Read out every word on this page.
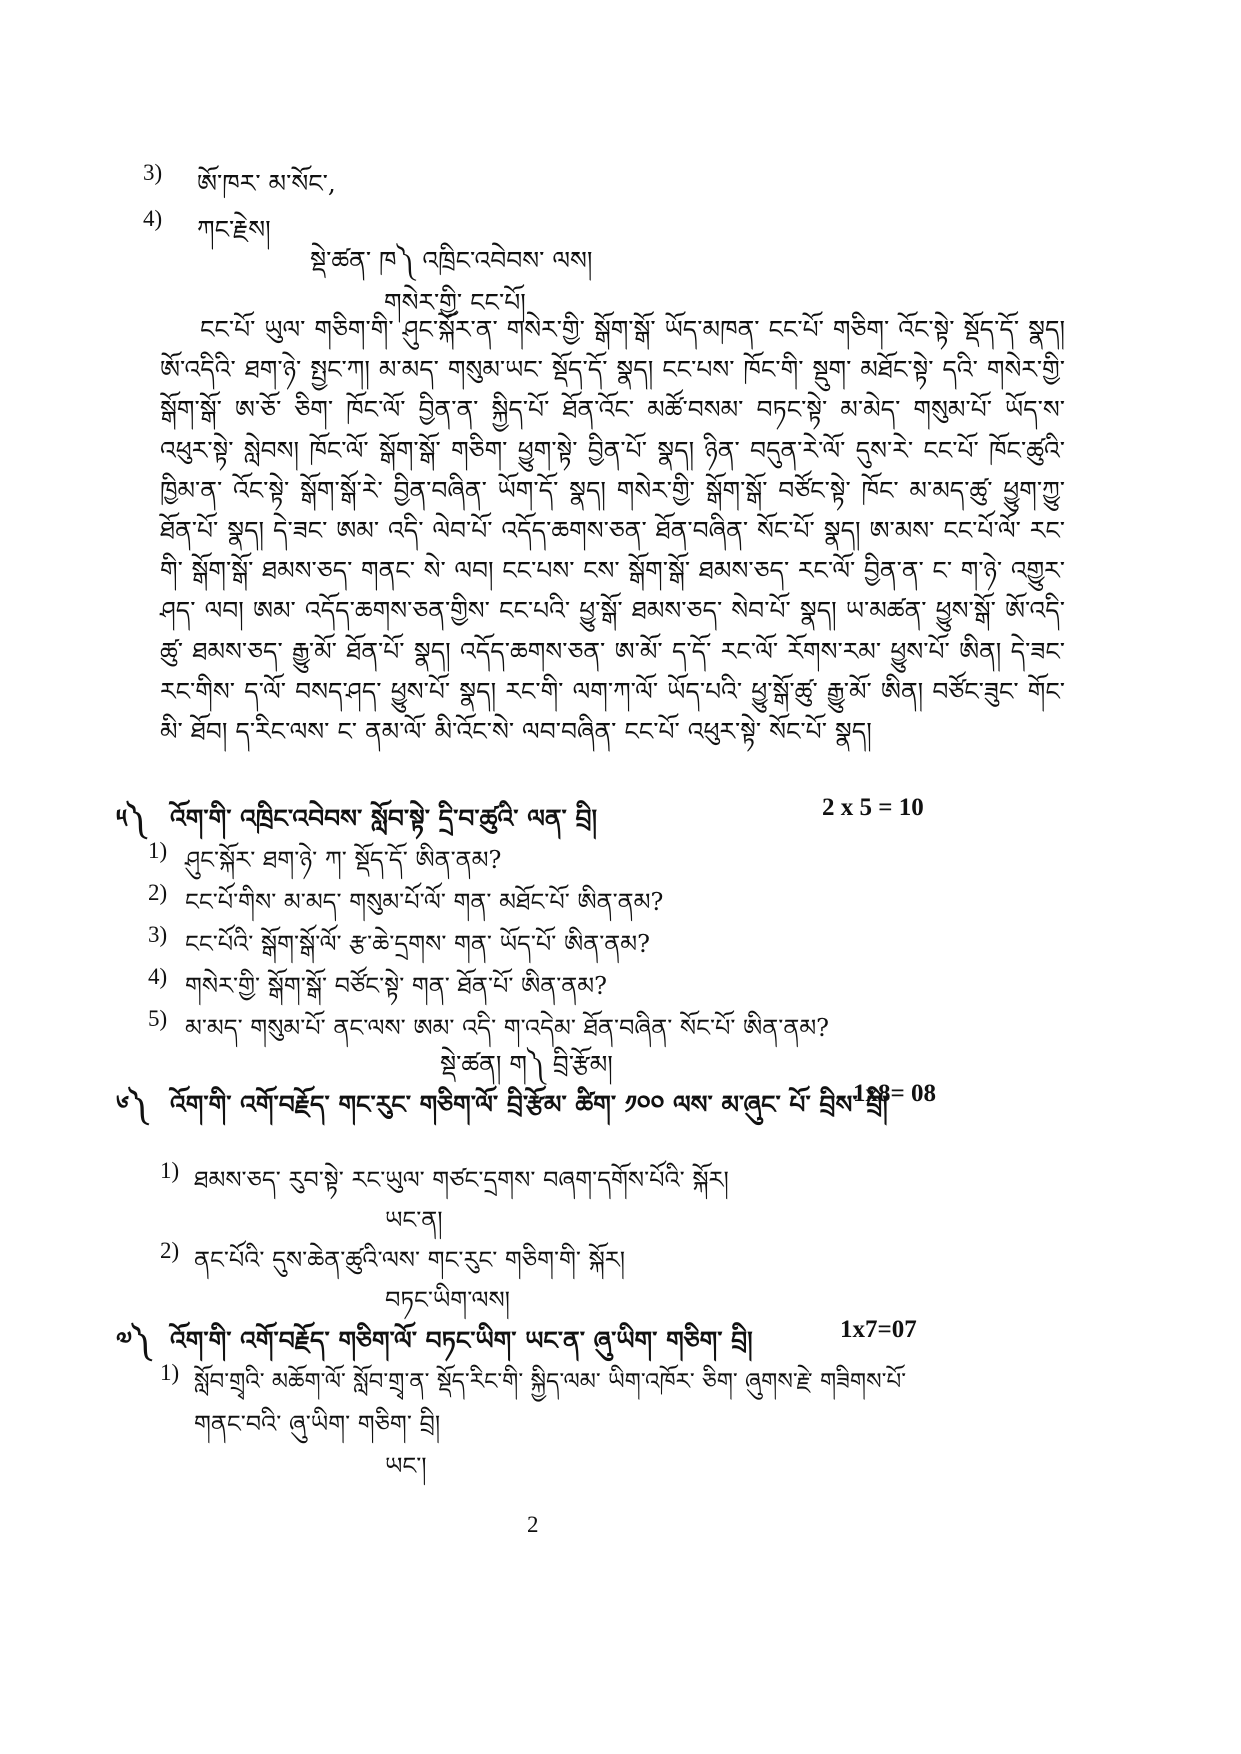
3) ཨོ་ཁར་ མ་སོང་,
4) ཀང་རྗེས།
སྡེ་ཚན་ ཁ༽ འཁྲིང་འབེབས་ ལས།
གསེར་གྱི་ ངང་པོ།
ངང་པོ་ ཡུལ་ གཅིག་གི་ ཤུང་སྐོར་ན་ གསེར་གྱི་ སྒོག་སྒོ་ ཡོད་མཁན་ ངང་པོ་ གཅིག་ འོང་སྟེ་ སྡོད་དོ་ སྣད། ཨོ་འདིའི་ ཐག་ཉེ་ སྤྱང་ཀ། མ་མད་ གསུམ་ཡང་ སྡོད་དོ་ སྣད། ངང་པས་ ཁོང་གི་ སྡུག་ མཐོང་སྟེ་ དའི་ གསེར་གྱི་ སྒོག་སྒོ་ ཨ་ཅོ་ ཅིག་ ཁོང་ལོ་ བྱིན་ན་ སྐྱིད་པོ་ ཐོན་འོང་ མཚོ་བསམ་ བཏང་སྟེ་ མ་མེད་ གསུམ་པོ་ ཡོད་ས་ འཕུར་སྟེ་ སླེབས། ཁོང་ལོ་ སྒོག་སྒོ་ གཅིག་ ཕྱུག་སྟེ་ བྱིན་པོ་ སྣད། ཉིན་ བདུན་རེ་ལོ་ དུས་རེ་ ངང་པོ་ ཁོང་ཚུའི་ ཁྱིམ་ན་ འོང་སྟེ་ སྒོག་སྒོ་རེ་ བྱིན་བཞིན་ ཡོག་དོ་ སྣད། གསེར་གྱི་ སྒོག་སྒོ་ བཙོང་སྟེ་ ཁོང་ མ་མད་ཚུ་ ཕྱུག་ཀྱུ་ ཐོན་པོ་ སྣད། དེ་ཟང་ ཨམ་ འདི་ ལེབ་པོ་ འདོད་ཆགས་ཅན་ ཐོན་བཞིན་ སོང་པོ་ སྣད། ཨ་མས་ ངང་པོ་ལོ་ རང་གི་ སྒོག་སྒོ་ ཐམས་ཅད་ གནང་ སེ་ ལབ། ངང་པས་ ངས་ སྒོག་སྒོ་ ཐམས་ཅད་ རང་ལོ་ བྱིན་ན་ ང་ ག་ཉེ་ འགྱུར་ཤད་ ལབ། ཨམ་ འདོད་ཆགས་ཅན་གྱིས་ ངང་པའི་ ཕྱུ་སྒོ་ ཐམས་ཅད་ སེབ་པོ་ སྣད། ཡ་མཚན་ ཕྱུས་སྒོ་ ཨོ་འདི་ཚུ་ ཐམས་ཅད་ རྒྱུ་མོ་ ཐོན་པོ་ སྣད། འདོད་ཆགས་ཅན་ ཨ་མོ་ ད་དོ་ རང་ལོ་ རོགས་རམ་ ཕྱུས་པོ་ ཨིན། དེ་ཟང་ རང་གིས་ ད་ལོ་ བསད་ཤད་ ཕྱུས་པོ་ སྣད། རང་གི་ ལག་ཀ་ལོ་ ཡོད་པའི་ ཕྱུ་སྒོ་ཚུ་ རྒྱུ་མོ་ ཨིན། བཙོང་ཟུང་ གོང་མི་ ཐོབ། ད་རིང་ལས་ ང་ ནམ་ལོ་ མི་འོང་སེ་ ལབ་བཞིན་ ངང་པོ་ འཕུར་སྟེ་ སོང་པོ་ སྣད།
༥༽ འོག་གི་ འཁྲིང་འབེབས་ སློབ་སྟེ་ དྲི་བ་ཚུའི་ ལན་ བྲི།	2 x 5 = 10
1) ཤུང་སྐོར་ ཐག་ཉེ་ ཀ་ སྡོད་དོ་ ཨིན་ནམ?
2) ངང་པོ་གིས་ མ་མད་ གསུམ་པོ་ལོ་ གན་ མཐོང་པོ་ ཨིན་ནམ?
3) ངང་པོའི་ སྒོག་སྒོ་ལོ་ རྩ་ཆེ་དྲགས་ གན་ ཡོད་པོ་ ཨིན་ནམ?
4) གསེར་གྱི་ སྒོག་སྒོ་ བཙོང་སྟེ་ གན་ ཐོན་པོ་ ཨིན་ནམ?
5) མ་མད་ གསུམ་པོ་ ནང་ལས་ ཨམ་ འདི་ ག་འདེམ་ ཐོན་བཞིན་ སོང་པོ་ ཨིན་ནམ?
སྡེ་ཚན། ག༽ བྲི་རྩོམ།
༦༽ འོག་གི་ འགོ་བརྗོད་ གང་རུང་ གཅིག་ལོ་ བྲི་རྩོམ་ ཚིག་ ༡༠༠ ལས་ མ་ཞུང་ པོ་ བྲིས་ བྲི།
1x8= 08
1) ཐམས་ཅད་ རུབ་སྟེ་ རང་ཡུལ་ གཙང་དྲགས་ བཞག་དགོས་པོའི་ སྐོར།
ཡང་ན།
2) ནང་པོའི་ དུས་ཆེན་ཚུའི་ལས་ གང་རུང་ གཅིག་གི་ སྐོར།
བཏང་ཡིག་ལས།
༧༽ འོག་གི་ འགོ་བརྗོད་ གཅིག་ལོ་ བཏང་ཡིག་ ཡང་ན་ ཞུ་ཡིག་ གཅིག་ བྲི།	1x7=07
1) སློབ་གྲྭའི་ མཆོག་ལོ་ སློབ་གྲྭ་ན་ སྡོད་རིང་གི་ སྐྱིད་ལམ་ ཡིག་འཁོར་ ཅིག་ ཞུགས་རྗེ་ གཟིགས་པོ་
གནང་བའི་ ཞུ་ཡིག་ གཅིག་ བྲི།
ཡང་།
2
